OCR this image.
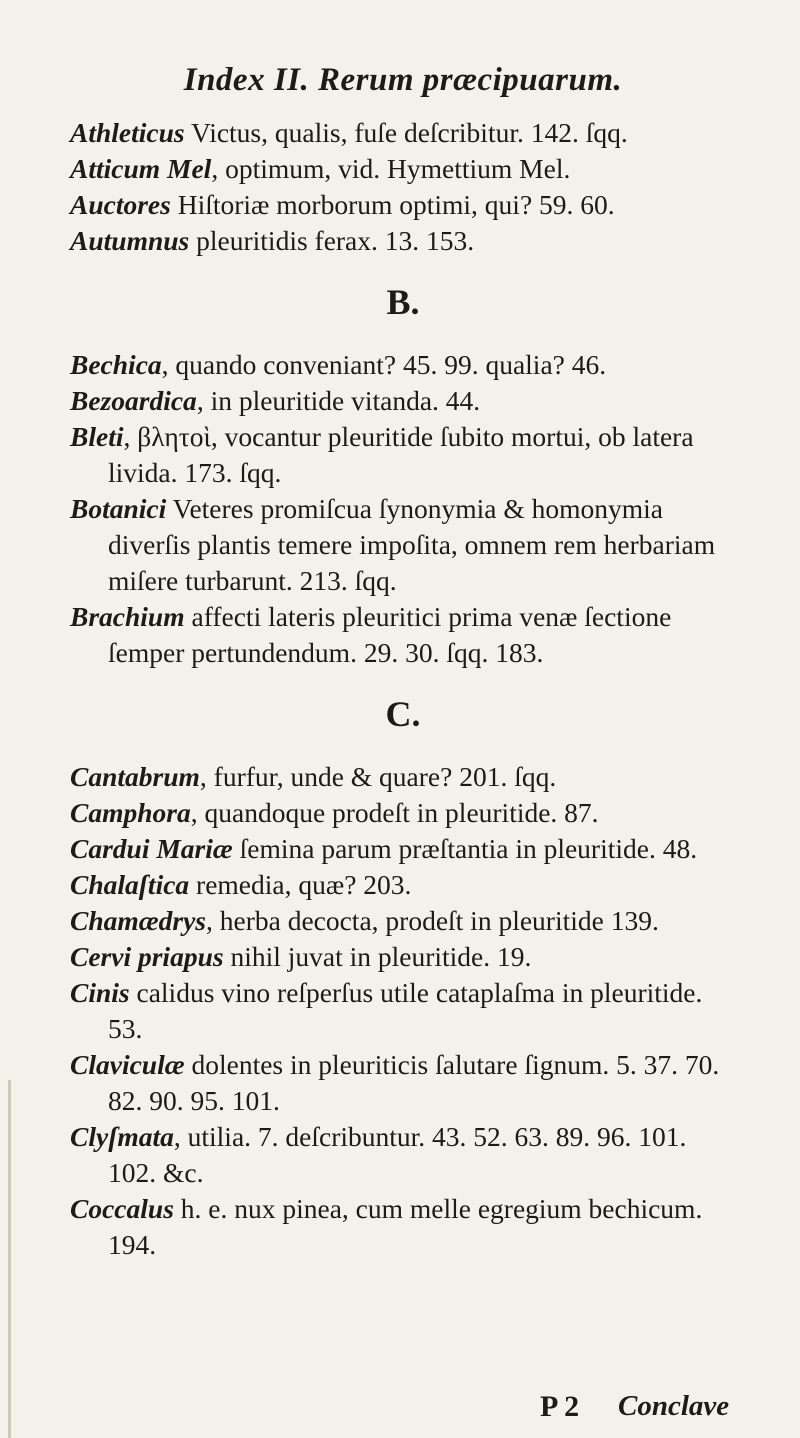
Index II. Rerum præcipuarum.
Athleticus Victus, qualis, fuſe deſcribitur. 142. ſqq.
Atticum Mel, optimum, vid. Hymettium Mel.
Auctores Hiſtoriæ morborum optimi, qui? 59. 60.
Autumnus pleuritidis ferax. 13. 153.
B.
Bechica, quando conveniant? 45. 99. qualia? 46.
Bezoardica, in pleuritide vitanda. 44.
Bleti, βλητοὶ, vocantur pleuritide ſubito mortui, ob latera livida. 173. ſqq.
Botanici Veteres promiſcua ſynonymia & homonymia diverſis plantis temere impoſita, omnem rem herbariam miſere turbarunt. 213. ſqq.
Brachium affecti lateris pleuritici prima venæ ſectione ſemper pertundendum. 29. 30. ſqq. 183.
C.
Cantabrum, furfur, unde & quare? 201. ſqq.
Camphora, quandoque prodeſt in pleuritide. 87.
Cardui Mariæ ſemina parum præſtantia in pleuritide. 48.
Chalaſtica remedia, quæ? 203.
Chamædrys, herba decocta, prodeſt in pleuritide 139.
Cervi priapus nihil juvat in pleuritide. 19.
Cinis calidus vino reſperſus utile cataplaſma in pleuritide. 53.
Claviculæ dolentes in pleuriticis ſalutare ſignum. 5. 37. 70. 82. 90. 95. 101.
Clyſmata, utilia. 7. deſcribuntur. 43. 52. 63. 89. 96. 101. 102. &c.
Coccalus h. e. nux pinea, cum melle egregium bechicum. 194.
P 2 Conclave
